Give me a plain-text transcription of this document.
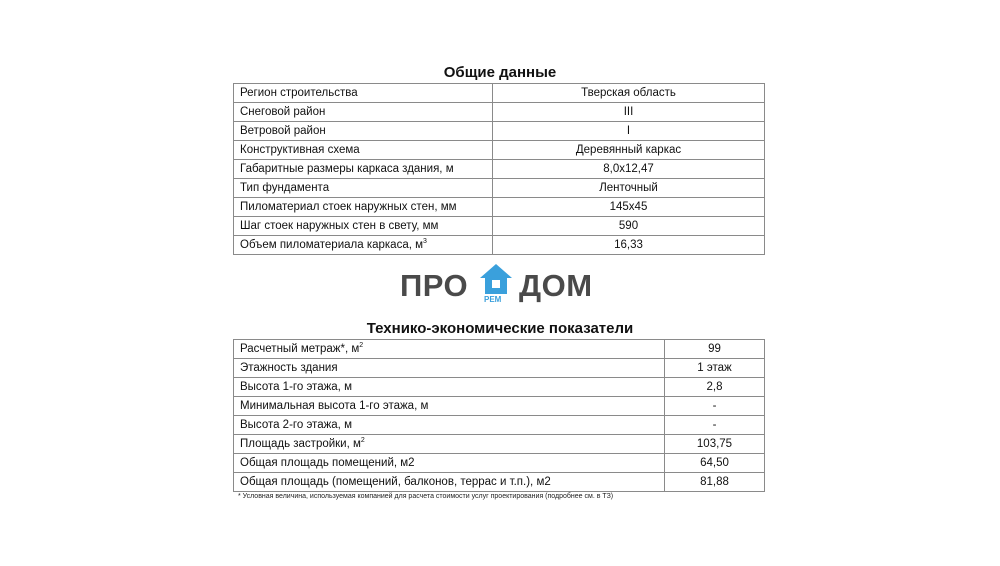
Общие данные
Регион строительства	Тверская область
Снеговой район	III
Ветровой район	I
Конструктивная схема	Деревянный каркас
Габаритные размеры каркаса здания, м	8,0x12,47
Тип фундамента	Ленточный
Пиломатериал стоек наружных стен, мм	145x45
Шаг стоек наружных стен в свету, мм	590
Объем пиломатериала каркаса, $м^3$	16,33
ПРО РЕМ ДОМ
Технико-экономические показатели
Расчетный метраж*, $м^2$	99
Этажность здания	1 этаж
Высота 1-го этажа, м	2,8
Минимальная высота 1-го этажа, м	-
Высота 2-го этажа, м	-
Площадь застройки, $м^2$	103,75
Общая площадь помещений, м2	64,50
Общая площадь (помещений, балконов, террас и т.п.), м2	81,88
* Условная величина, используемая компанией для расчета стоимости услуг проектирования (подробнее см. в ТЗ)
